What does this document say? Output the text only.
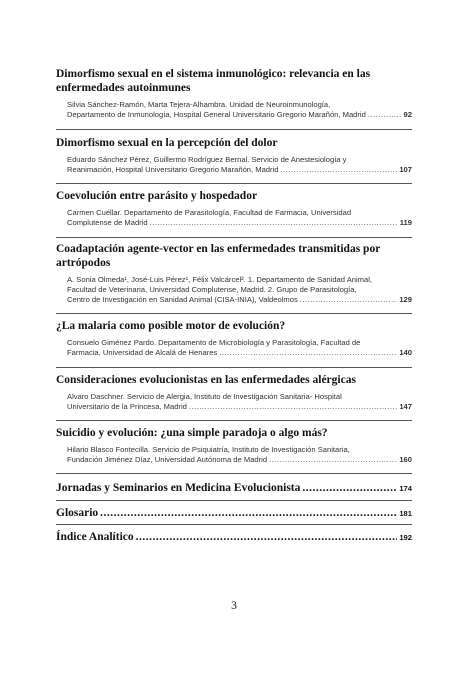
Dimorfismo sexual en el sistema inmunológico: relevancia en las
enfermedades autoinmunes
Silvia Sánchez-Ramón, Marta Tejera-Alhambra. Unidad de Neuroinmunología,
Departamento de Inmunología, Hospital General Universitario Gregorio Marañón, Madrid .....	92
Dimorfismo sexual en la percepción del dolor
Eduardo Sánchez Pérez, Guillermo Rodríguez Bernal. Servicio de Anestesiología y
Reanimación, Hospital Universitario Gregorio Marañón, Madrid .....	107
Coevolución entre parásito y hospedador
Carmen Cuéllar. Departamento de Parasitología, Facultad de Farmacia, Universidad
Complutense de Madrid .....	119
Coadaptación agente-vector en las enfermedades transmitidas por
artrópodos
A. Sonia Olmeda¹, José-Luis Pérez¹, Félix Valcárcel². 1. Departamento de Sanidad Animal,
Facultad de Veterinaria, Universidad Complutense, Madrid. 2. Grupo de Parasitología,
Centro de Investigación en Sanidad Animal (CISA-INIA), Valdeolmos .....	129
¿La malaria como posible motor de evolución?
Consuelo Giménez Pardo. Departamento de Microbiología y Parasitología, Facultad de
Farmacia, Universidad de Alcalá de Henares .....	140
Consideraciones evolucionistas en las enfermedades alérgicas
Alvaro Daschner. Servicio de Alergia, Instituto de Investigación Sanitaria- Hospital
Universitario de la Princesa, Madrid .....	147
Suicidio y evolución: ¿una simple paradoja o algo más?
Hilario Blasco Fontecilla. Servicio de Psiquiatría, Instituto de Investigación Sanitaria,
Fundación Jiménez Díaz, Universidad Autónoma de Madrid .....	160
Jornadas y Seminarios en Medicina Evolucionista .....	174
Glosario .....	181
Índice Analítico .....	192
3
